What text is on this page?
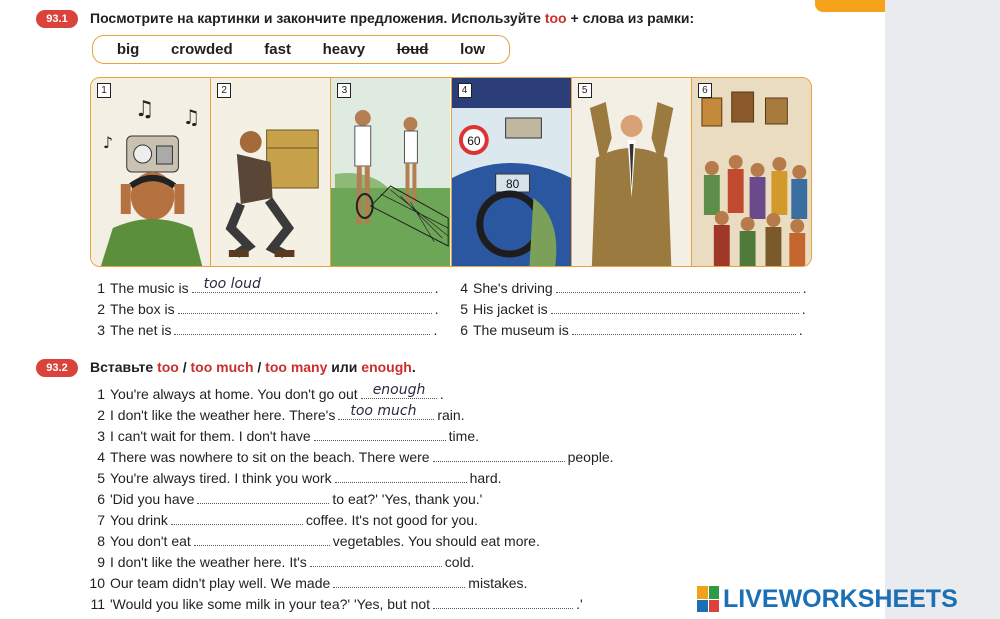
93.1	Посмотрите на картинки и закончите предложения. Используйте too + слова из рамки:
big crowded fast heavy loud low
1
♫ ♫
♪
2	3	4
60
80
5	6
1 The music is too loud	.
2 The box is	.
3 The net is	.
4 She's driving	.
5 His jacket is	.
6 The museum is	.
93.2	Вставьте too / too much / too many или enough.
1 You're always at home. You don't go out enough .
2 I don't like the weather here. There's too much rain.
3 I can't wait for them. I don't have	time.
4 There was nowhere to sit on the beach. There were	people.
5 You're always tired. I think you work	hard.
6 'Did you have	to eat?' 'Yes, thank you.'
7 You drink	coffee. It's not good for you.
8 You don't eat	vegetables. You should eat more.
9 I don't like the weather here. It's	cold.
10 Our team didn't play well. We made	mistakes.
11 'Would you like some milk in your tea?' 'Yes, but not	.'	LIVEWORKSHEETS
